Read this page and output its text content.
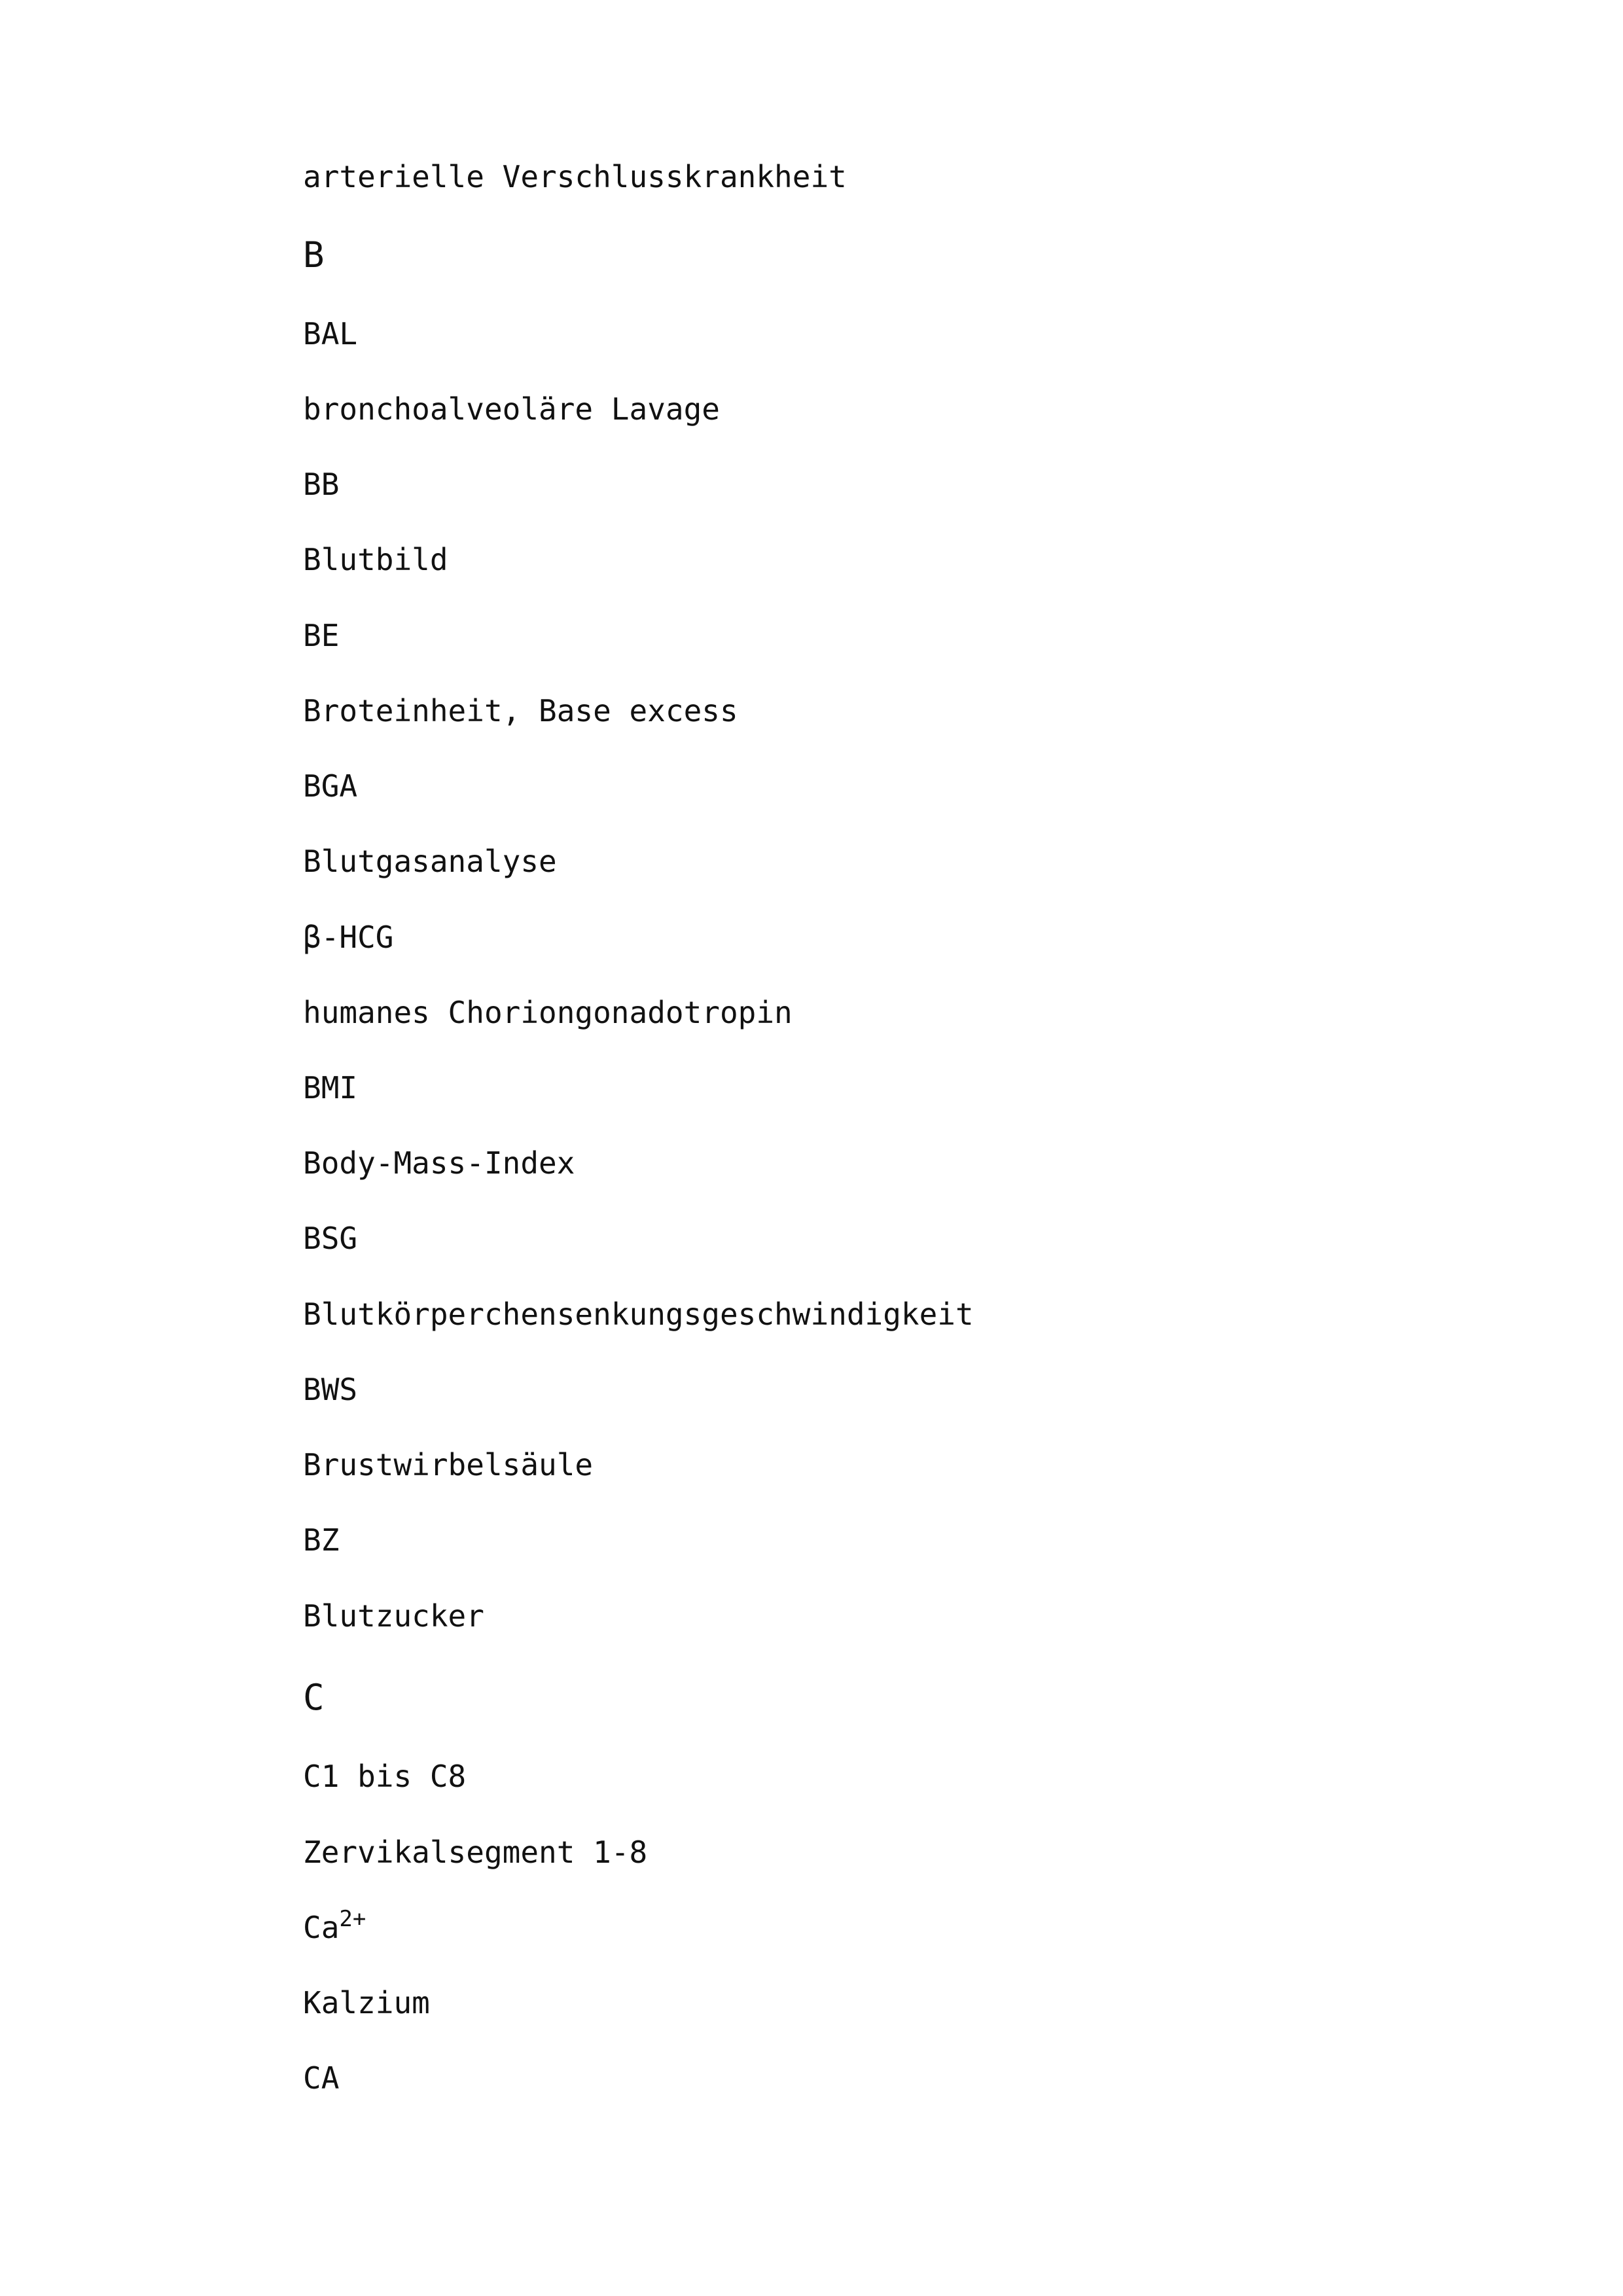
arterielle Verschlusskrankheit
B
BAL
bronchoalveoläre Lavage
BB
Blutbild
BE
Broteinheit, Base excess
BGA
Blutgasanalyse
β-HCG
humanes Choriongonadotropin
BMI
Body-Mass-Index
BSG
Blutkörperchensenkungsgeschwindigkeit
BWS
Brustwirbelsäule
BZ
Blutzucker
C
C1 bis C8
Zervikalsegment 1-8
$Ca^{2+}$
Kalzium
CA
